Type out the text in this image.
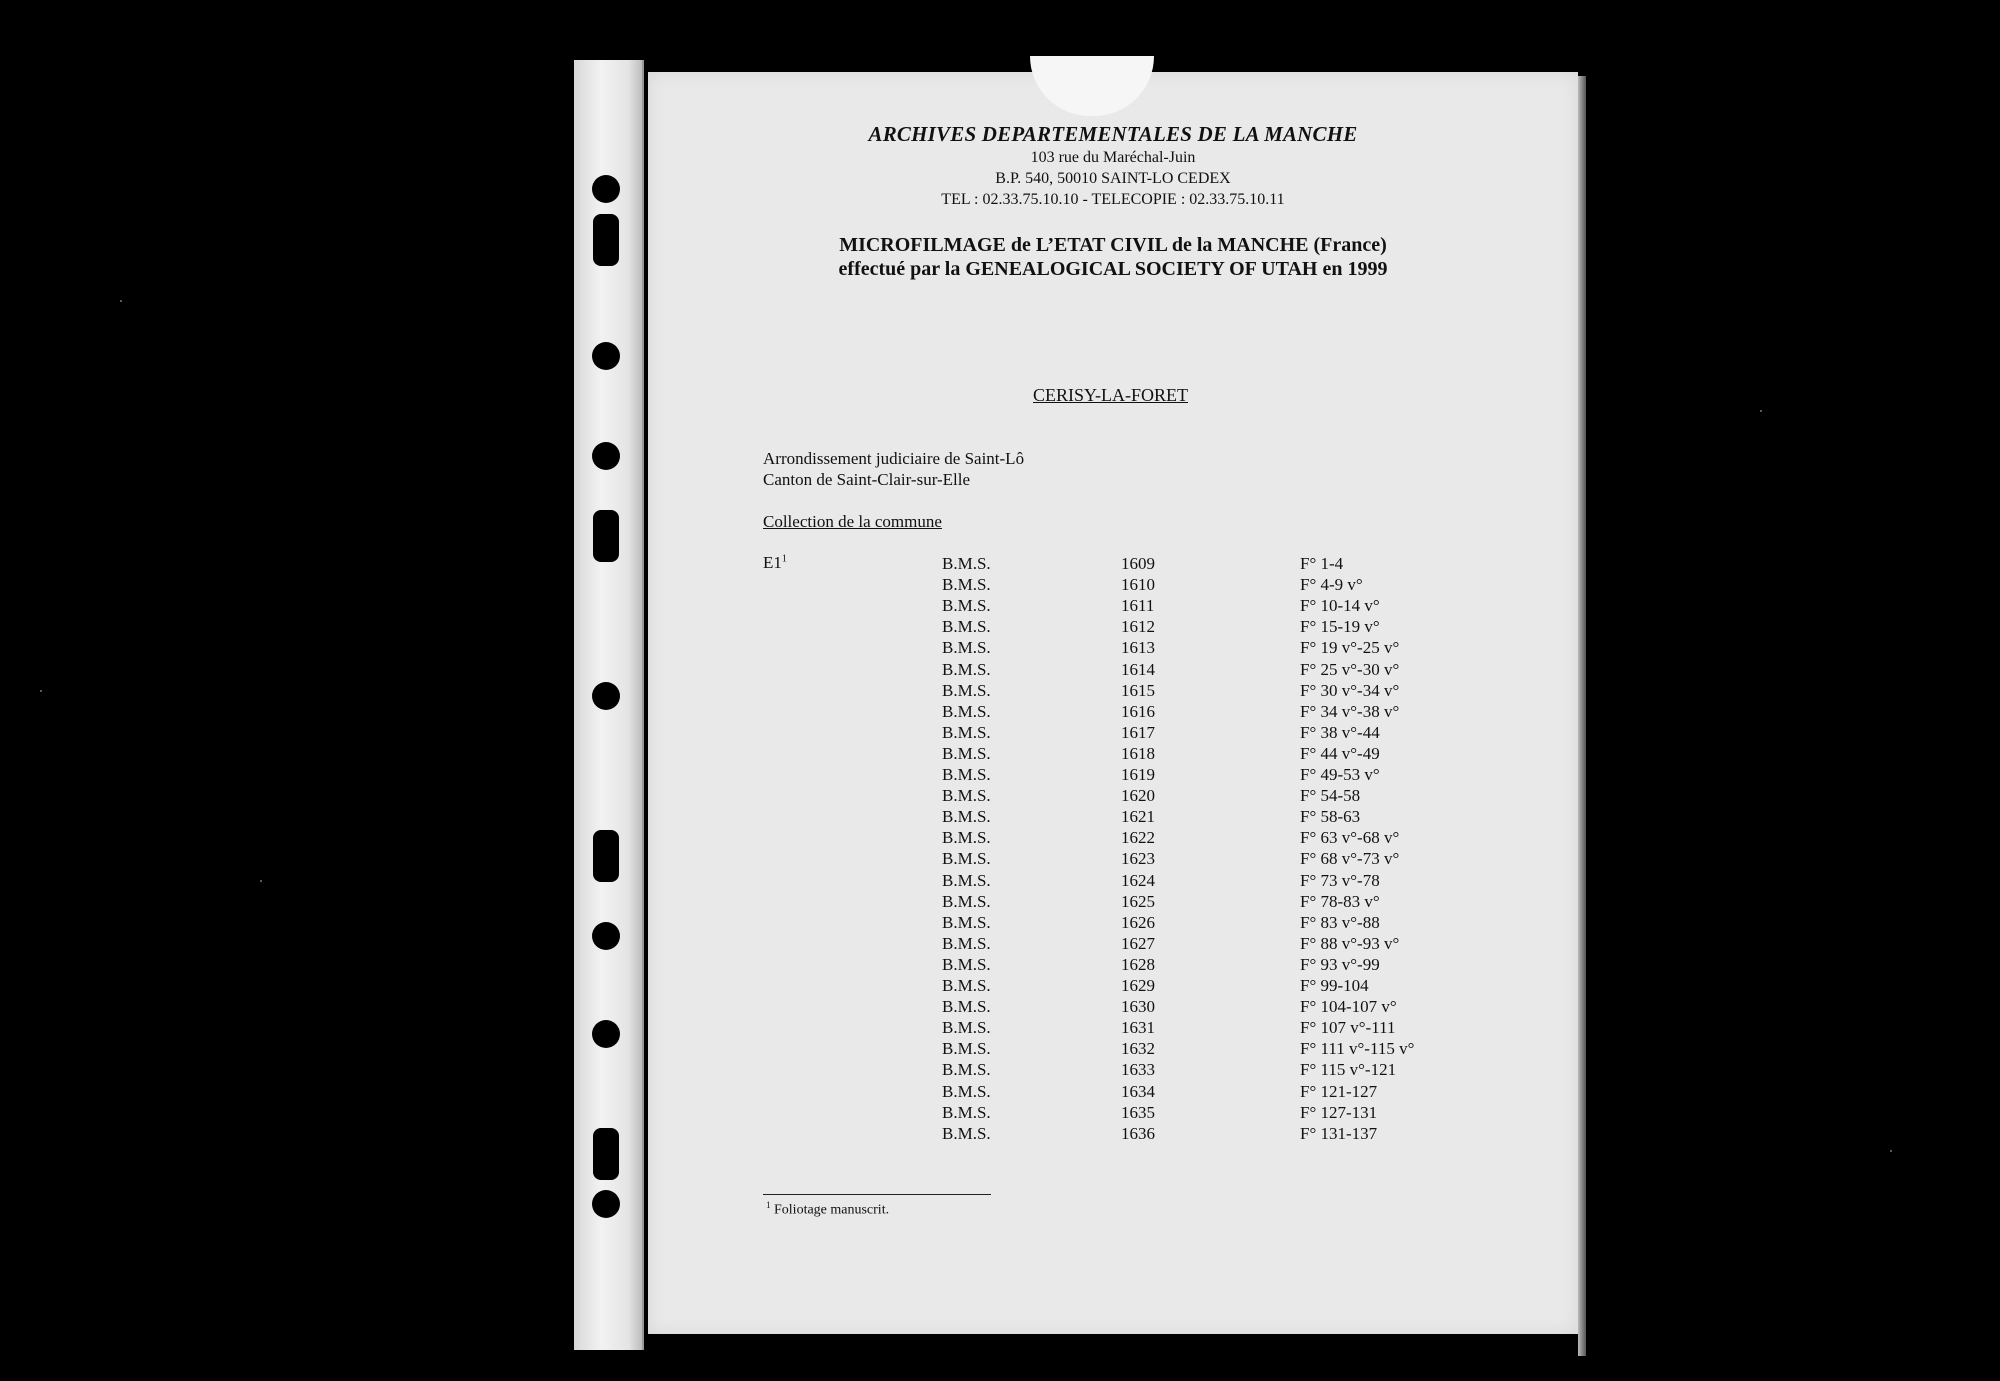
ARCHIVES DEPARTEMENTALES DE LA MANCHE
103 rue du Maréchal-Juin
B.P. 540, 50010 SAINT-LO CEDEX
TEL : 02.33.75.10.10 - TELECOPIE : 02.33.75.10.11
MICROFILMAGE de L’ETAT CIVIL de la MANCHE (France)
effectué par la GENEALOGICAL SOCIETY OF UTAH en 1999
CERISY-LA-FORET
Arrondissement judiciaire de Saint-Lô
Canton de Saint-Clair-sur-Elle
Collection de la commune
$E1^1$	B.M.S.	1609	F° 1-4
B.M.S.	1610	F° 4-9 v°
B.M.S.	1611	F° 10-14 v°
B.M.S.	1612	F° 15-19 v°
B.M.S.	1613	F° 19 v°-25 v°
B.M.S.	1614	F° 25 v°-30 v°
B.M.S.	1615	F° 30 v°-34 v°
B.M.S.	1616	F° 34 v°-38 v°
B.M.S.	1617	F° 38 v°-44
B.M.S.	1618	F° 44 v°-49
B.M.S.	1619	F° 49-53 v°
B.M.S.	1620	F° 54-58
B.M.S.	1621	F° 58-63
B.M.S.	1622	F° 63 v°-68 v°
B.M.S.	1623	F° 68 v°-73 v°
B.M.S.	1624	F° 73 v°-78
B.M.S.	1625	F° 78-83 v°
B.M.S.	1626	F° 83 v°-88
B.M.S.	1627	F° 88 v°-93 v°
B.M.S.	1628	F° 93 v°-99
B.M.S.	1629	F° 99-104
B.M.S.	1630	F° 104-107 v°
B.M.S.	1631	F° 107 v°-111
B.M.S.	1632	F° 111 v°-115 v°
B.M.S.	1633	F° 115 v°-121
B.M.S.	1634	F° 121-127
B.M.S.	1635	F° 127-131
B.M.S.	1636	F° 131-137
$^1$ Foliotage manuscrit.
